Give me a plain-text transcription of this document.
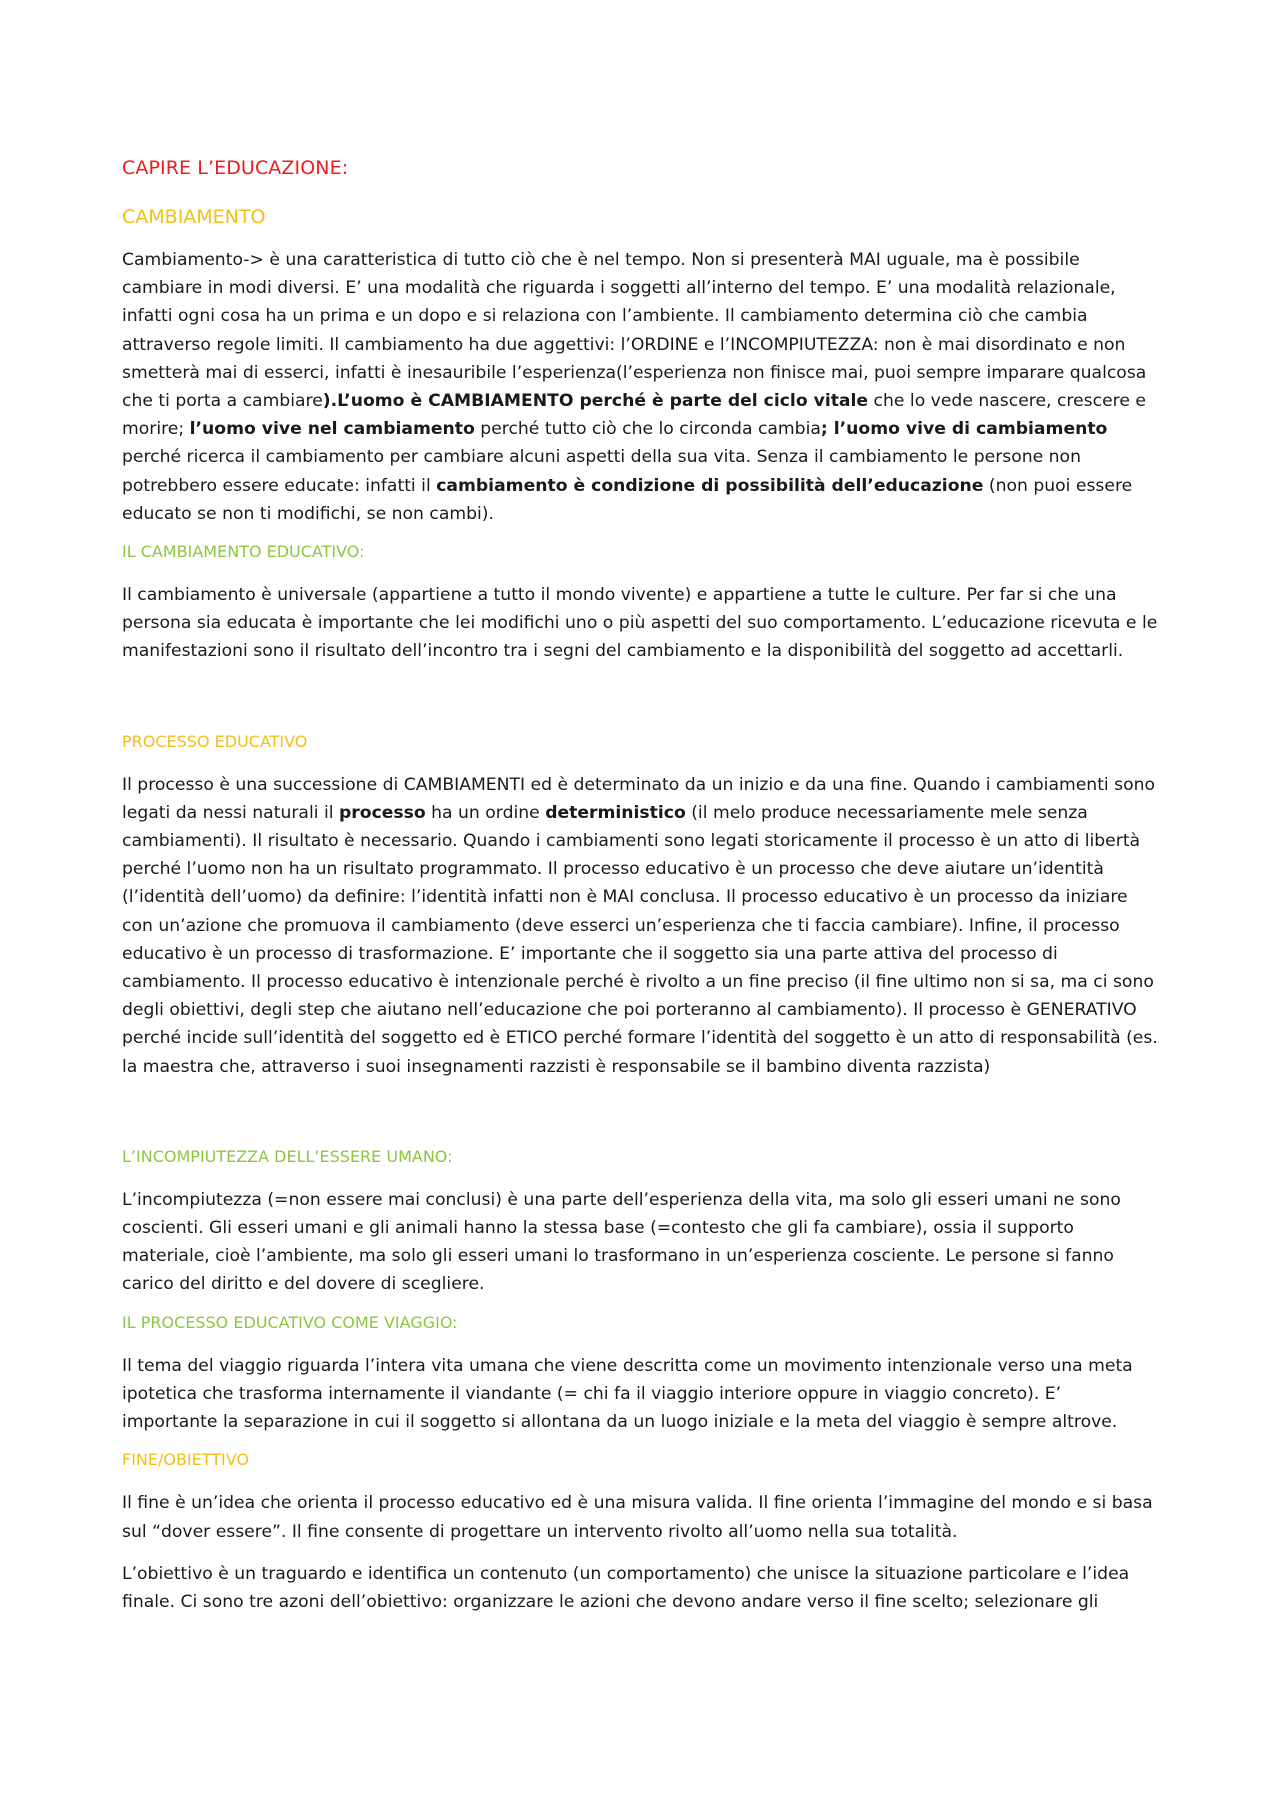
CAPIRE L’EDUCAZIONE:
CAMBIAMENTO

Cambiamento-> è una caratteristica di tutto ciò che è nel tempo. Non si presenterà MAI uguale, ma è possibile cambiare in modi diversi. E’ una modalità che riguarda i soggetti all’interno del tempo. E’ una modalità relazionale, infatti ogni cosa ha un prima e un dopo e si relaziona con l’ambiente. Il cambiamento determina ciò che cambia attraverso regole limiti. Il cambiamento ha due aggettivi: l’ORDINE e l’INCOMPIUTEZZA: non è mai disordinato e non smetterà mai di esserci, infatti è inesauribile l’esperienza(l’esperienza non finisce mai, puoi sempre imparare qualcosa che ti porta a cambiare).L’uomo è CAMBIAMENTO perché è parte del ciclo vitale che lo vede nascere, crescere e morire; l’uomo vive nel cambiamento perché tutto ciò che lo circonda cambia; l’uomo vive di cambiamento perché ricerca il cambiamento per cambiare alcuni aspetti della sua vita. Senza il cambiamento le persone non potrebbero essere educate: infatti il cambiamento è condizione di possibilità dell’educazione (non puoi essere educato se non ti modifichi, se non cambi).

IL CAMBIAMENTO EDUCATIVO:

Il cambiamento è universale (appartiene a tutto il mondo vivente) e appartiene a tutte le culture. Per far si che una persona sia educata è importante che lei modifichi uno o più aspetti del suo comportamento. L’educazione ricevuta e le manifestazioni sono il risultato dell’incontro tra i segni del cambiamento e la disponibilità del soggetto ad accettarli.

PROCESSO EDUCATIVO

Il processo è una successione di CAMBIAMENTI ed è determinato da un inizio e da una fine. Quando i cambiamenti sono legati da nessi naturali il processo ha un ordine deterministico (il melo produce necessariamente mele senza cambiamenti). Il risultato è necessario. Quando i cambiamenti sono legati storicamente il processo è un atto di libertà perché l’uomo non ha un risultato programmato. Il processo educativo è un processo che deve aiutare un’identità (l’identità dell’uomo) da definire: l’identità infatti non è MAI conclusa. Il processo educativo è un processo da iniziare con un’azione che promuova il cambiamento (deve esserci un’esperienza che ti faccia cambiare). Infine, il processo educativo è un processo di trasformazione. E’ importante che il soggetto sia una parte attiva del processo di cambiamento. Il processo educativo è intenzionale perché è rivolto a un fine preciso (il fine ultimo non si sa, ma ci sono degli obiettivi, degli step che aiutano nell’educazione che poi porteranno al cambiamento). Il processo è GENERATIVO perché incide sull’identità del soggetto ed è ETICO perché formare l’identità del soggetto è un atto di responsabilità (es. la maestra che, attraverso i suoi insegnamenti razzisti è responsabile se il bambino diventa razzista)

L’INCOMPIUTEZZA DELL’ESSERE UMANO:

L’incompiutezza (=non essere mai conclusi) è una parte dell’esperienza della vita, ma solo gli esseri umani ne sono coscienti. Gli esseri umani e gli animali hanno la stessa base (=contesto che gli fa cambiare), ossia il supporto materiale, cioè l’ambiente, ma solo gli esseri umani lo trasformano in un’esperienza cosciente. Le persone si fanno carico del diritto e del dovere di scegliere.

IL PROCESSO EDUCATIVO COME VIAGGIO:

Il tema del viaggio riguarda l’intera vita umana che viene descritta come un movimento intenzionale verso una meta ipotetica che trasforma internamente il viandante (= chi fa il viaggio interiore oppure in viaggio concreto). E’ importante la separazione in cui il soggetto si allontana da un luogo iniziale e la meta del viaggio è sempre altrove.

FINE/OBIETTIVO

Il fine è un’idea che orienta il processo educativo ed è una misura valida. Il fine orienta l’immagine del mondo e si basa sul “dover essere”. Il fine consente di progettare un intervento rivolto all’uomo nella sua totalità.

L’obiettivo è un traguardo e identifica un contenuto (un comportamento) che unisce la situazione particolare e l’idea finale. Ci sono tre azoni dell’obiettivo: organizzare le azioni che devono andare verso il fine scelto; selezionare gli
